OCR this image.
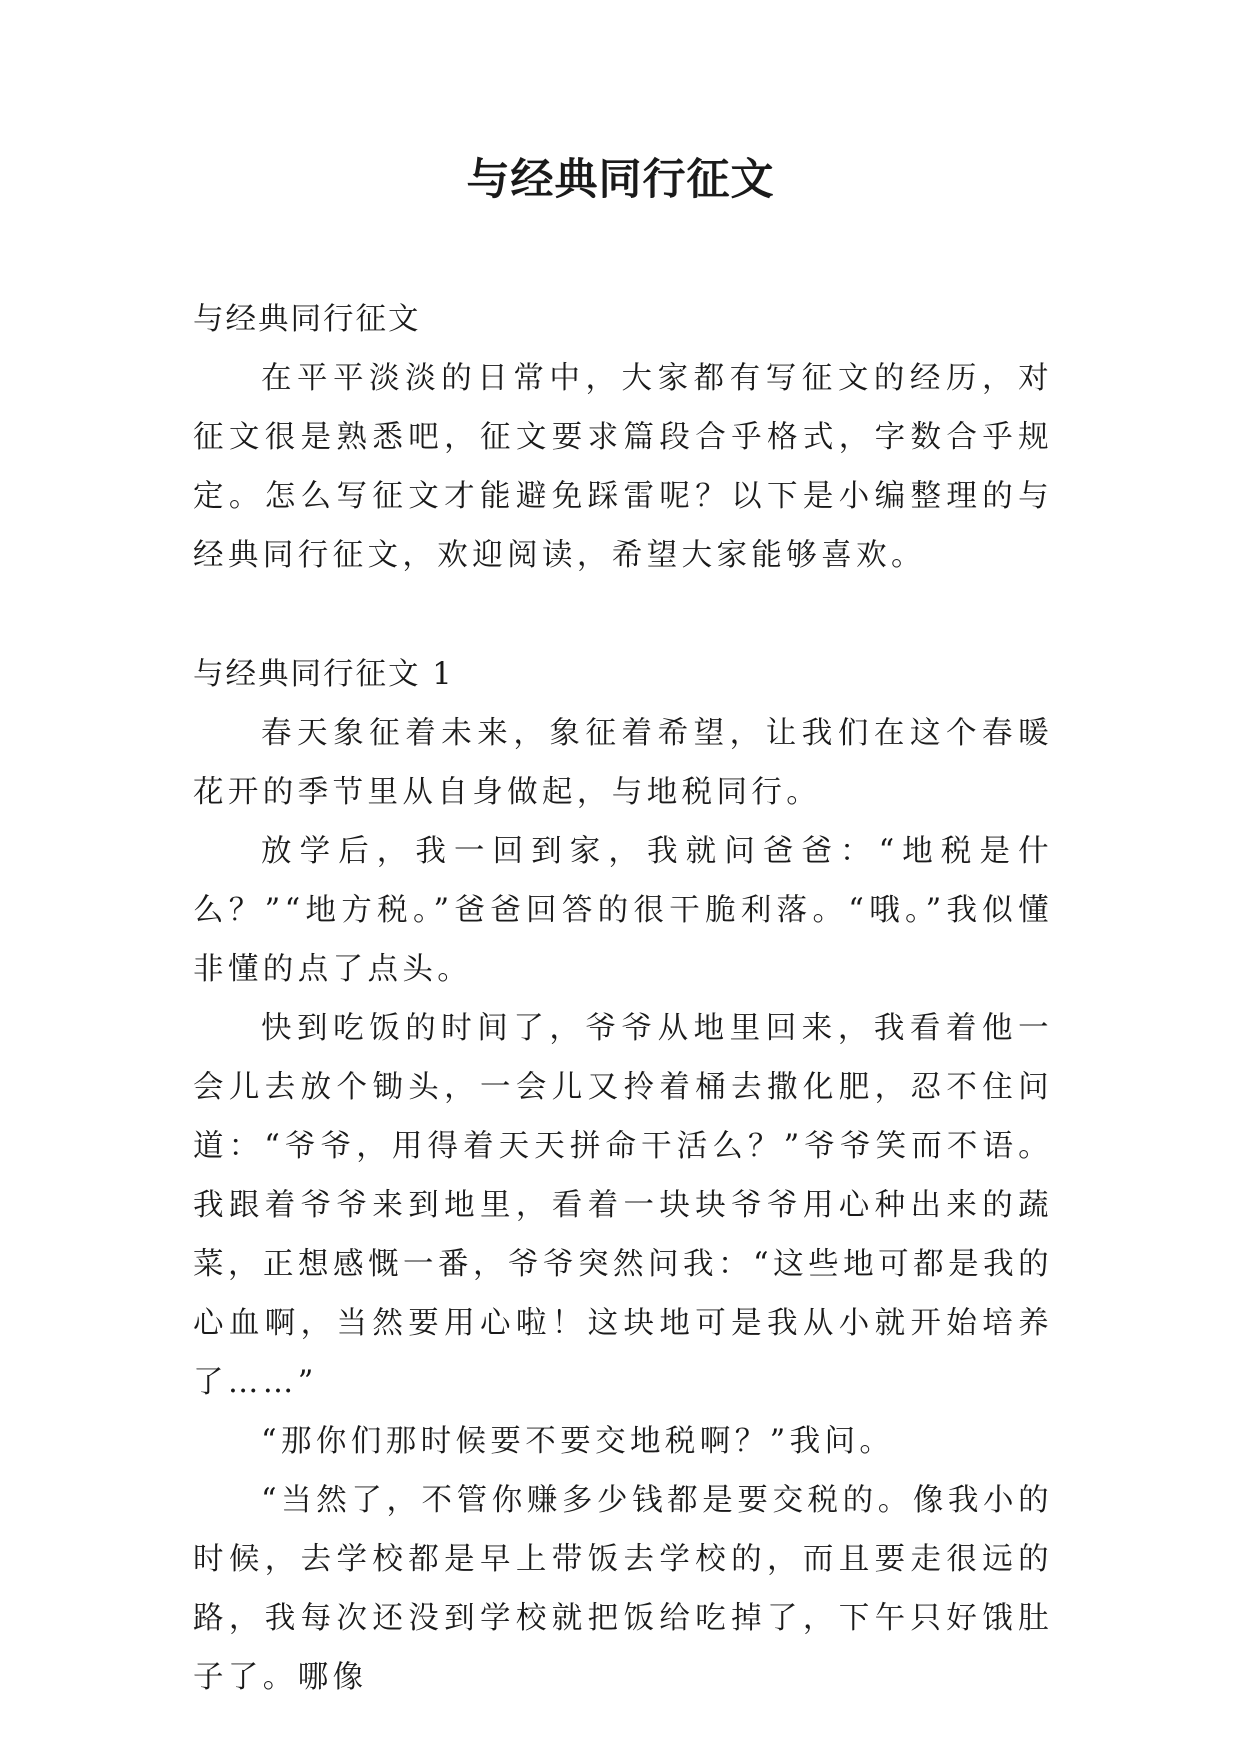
与经典同行征文

与经典同行征文

在平平淡淡的日常中，大家都有写征文的经历，对征文很是熟悉吧，征文要求篇段合乎格式，字数合乎规定。怎么写征文才能避免踩雷呢？以下是小编整理的与经典同行征文，欢迎阅读，希望大家能够喜欢。

与经典同行征文 1

春天象征着未来，象征着希望，让我们在这个春暖花开的季节里从自身做起，与地税同行。

放学后，我一回到家，我就问爸爸：“地税是什么？”“地方税。”爸爸回答的很干脆利落。“哦。”我似懂非懂的点了点头。

快到吃饭的时间了，爷爷从地里回来，我看着他一会儿去放个锄头，一会儿又拎着桶去撒化肥，忍不住问道：“爷爷，用得着天天拼命干活么？”爷爷笑而不语。我跟着爷爷来到地里，看着一块块爷爷用心种出来的蔬菜，正想感慨一番，爷爷突然问我：“这些地可都是我的心血啊，当然要用心啦！这块地可是我从小就开始培养了……”

“那你们那时候要不要交地税啊？”我问。

“当然了，不管你赚多少钱都是要交税的。像我小的时候，去学校都是早上带饭去学校的，而且要走很远的路，我每次还没到学校就把饭给吃掉了，下午只好饿肚子了。哪像
